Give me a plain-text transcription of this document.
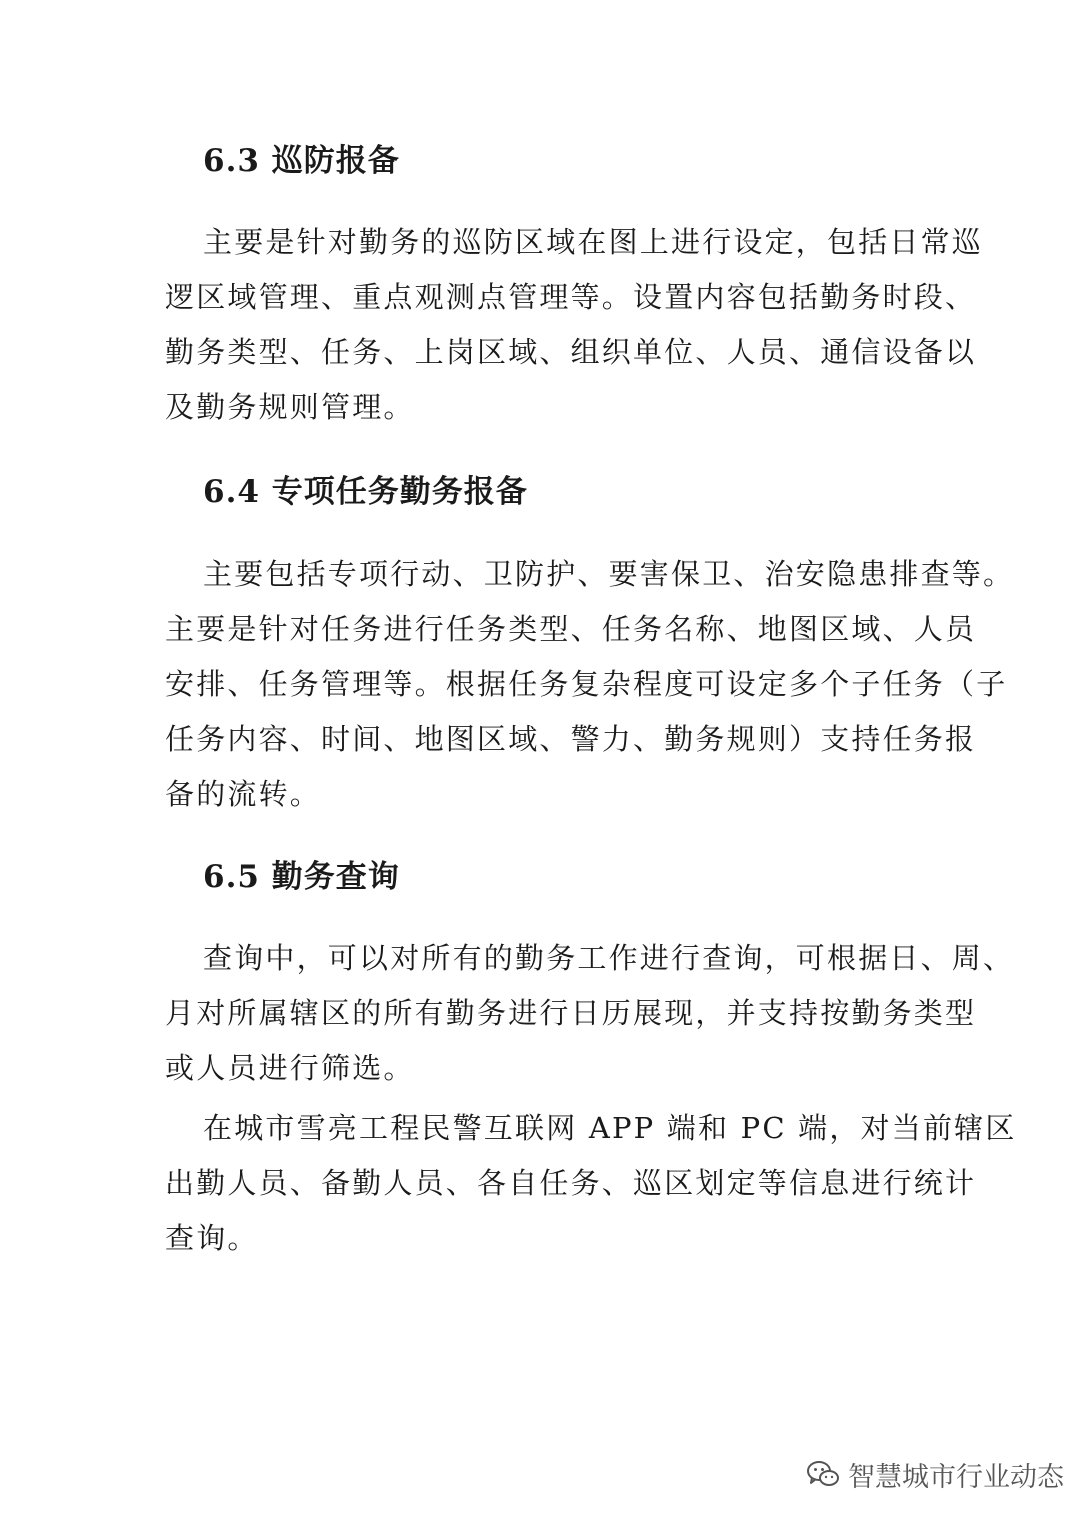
6.3 巡防报备
主要是针对勤务的巡防区域在图上进行设定，包括日常巡
逻区域管理、重点观测点管理等。设置内容包括勤务时段、
勤务类型、任务、上岗区域、组织单位、人员、通信设备以
及勤务规则管理。
6.4 专项任务勤务报备
主要包括专项行动、卫防护、要害保卫、治安隐患排查等。
主要是针对任务进行任务类型、任务名称、地图区域、人员
安排、任务管理等。根据任务复杂程度可设定多个子任务（子
任务内容、时间、地图区域、警力、勤务规则）支持任务报
备的流转。
6.5 勤务查询
查询中，可以对所有的勤务工作进行查询，可根据日、周、
月对所属辖区的所有勤务进行日历展现，并支持按勤务类型
或人员进行筛选。
在城市雪亮工程民警互联网 APP 端和 PC 端，对当前辖区
出勤人员、备勤人员、各自任务、巡区划定等信息进行统计
查询。
智慧城市行业动态
